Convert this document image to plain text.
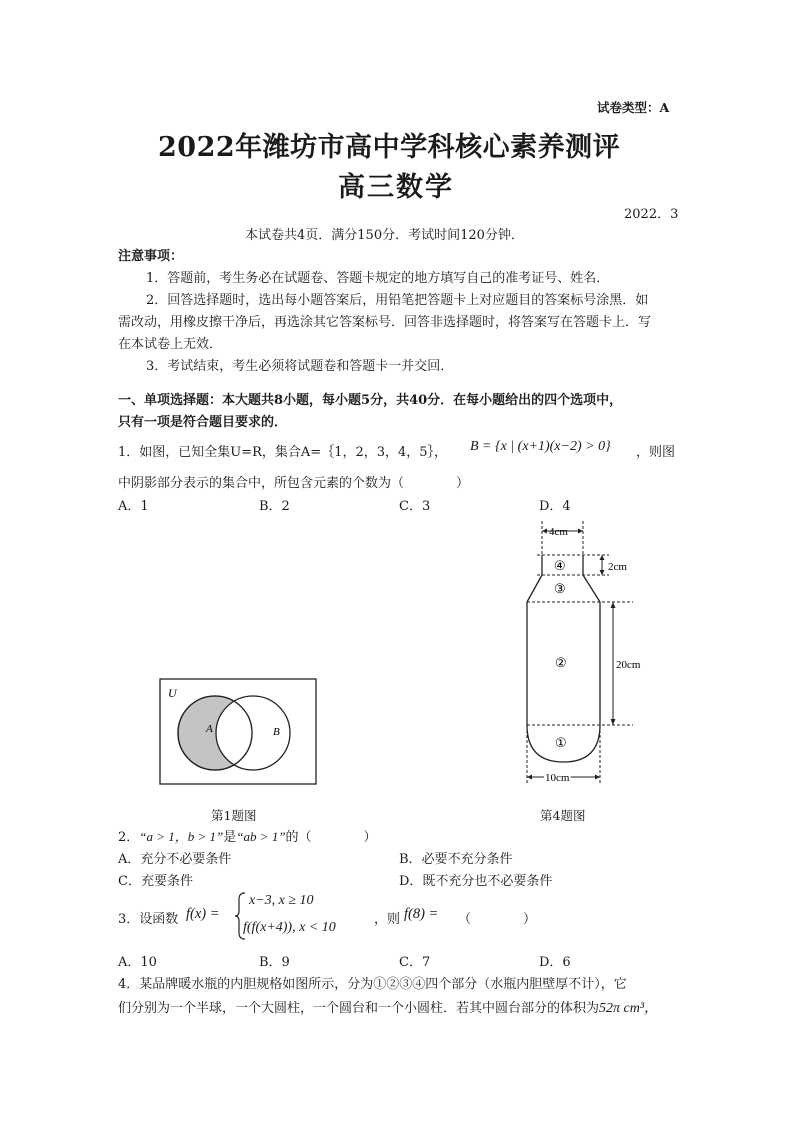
试卷类型：A
2022年潍坊市高中学科核心素养测评
高三数学
2022．3
本试卷共4页．满分150分．考试时间120分钟．
注意事项：
1．答题前，考生务必在试题卷、答题卡规定的地方填写自己的准考证号、姓名．
2．回答选择题时，选出每小题答案后，用铅笔把答题卡上对应题目的答案标号涂黑．如
需改动，用橡皮擦干净后，再选涂其它答案标号．回答非选择题时，将答案写在答题卡上．写
在本试卷上无效．
3．考试结束，考生必须将试题卷和答题卡一并交回．
一、单项选择题：本大题共8小题，每小题5分，共40分．在每小题给出的四个选项中，
只有一项是符合题目要求的．
1．如图，已知全集U=R，集合A=｛1，2，3，4，5｝， B = {x | (x+1)(x−2) > 0} ，则图
中阴影部分表示的集合中，所包含元素的个数为（　　　　）
A．1	B．2	C．3	D．4
U
A	B
第1题图
4cm
④	2cm
③
②	20cm
①
10cm
第4题图
2．“a > 1，b > 1”是“ab > 1”的（　　　　）
A．充分不必要条件	B．必要不充分条件
C．充要条件	D．既不充分也不必要条件
3．设函数 f(x) =
x−3, x ≥ 10
f(f(x+4)), x < 10
，则 f(8) = （　　　　）
A．10	B．9	C．7	D．6
4．某品牌暖水瓶的内胆规格如图所示，分为①②③④四个部分（水瓶内胆壁厚不计），它
们分别为一个半球，一个大圆柱，一个圆台和一个小圆柱．若其中圆台部分的体积为52π cm³，
